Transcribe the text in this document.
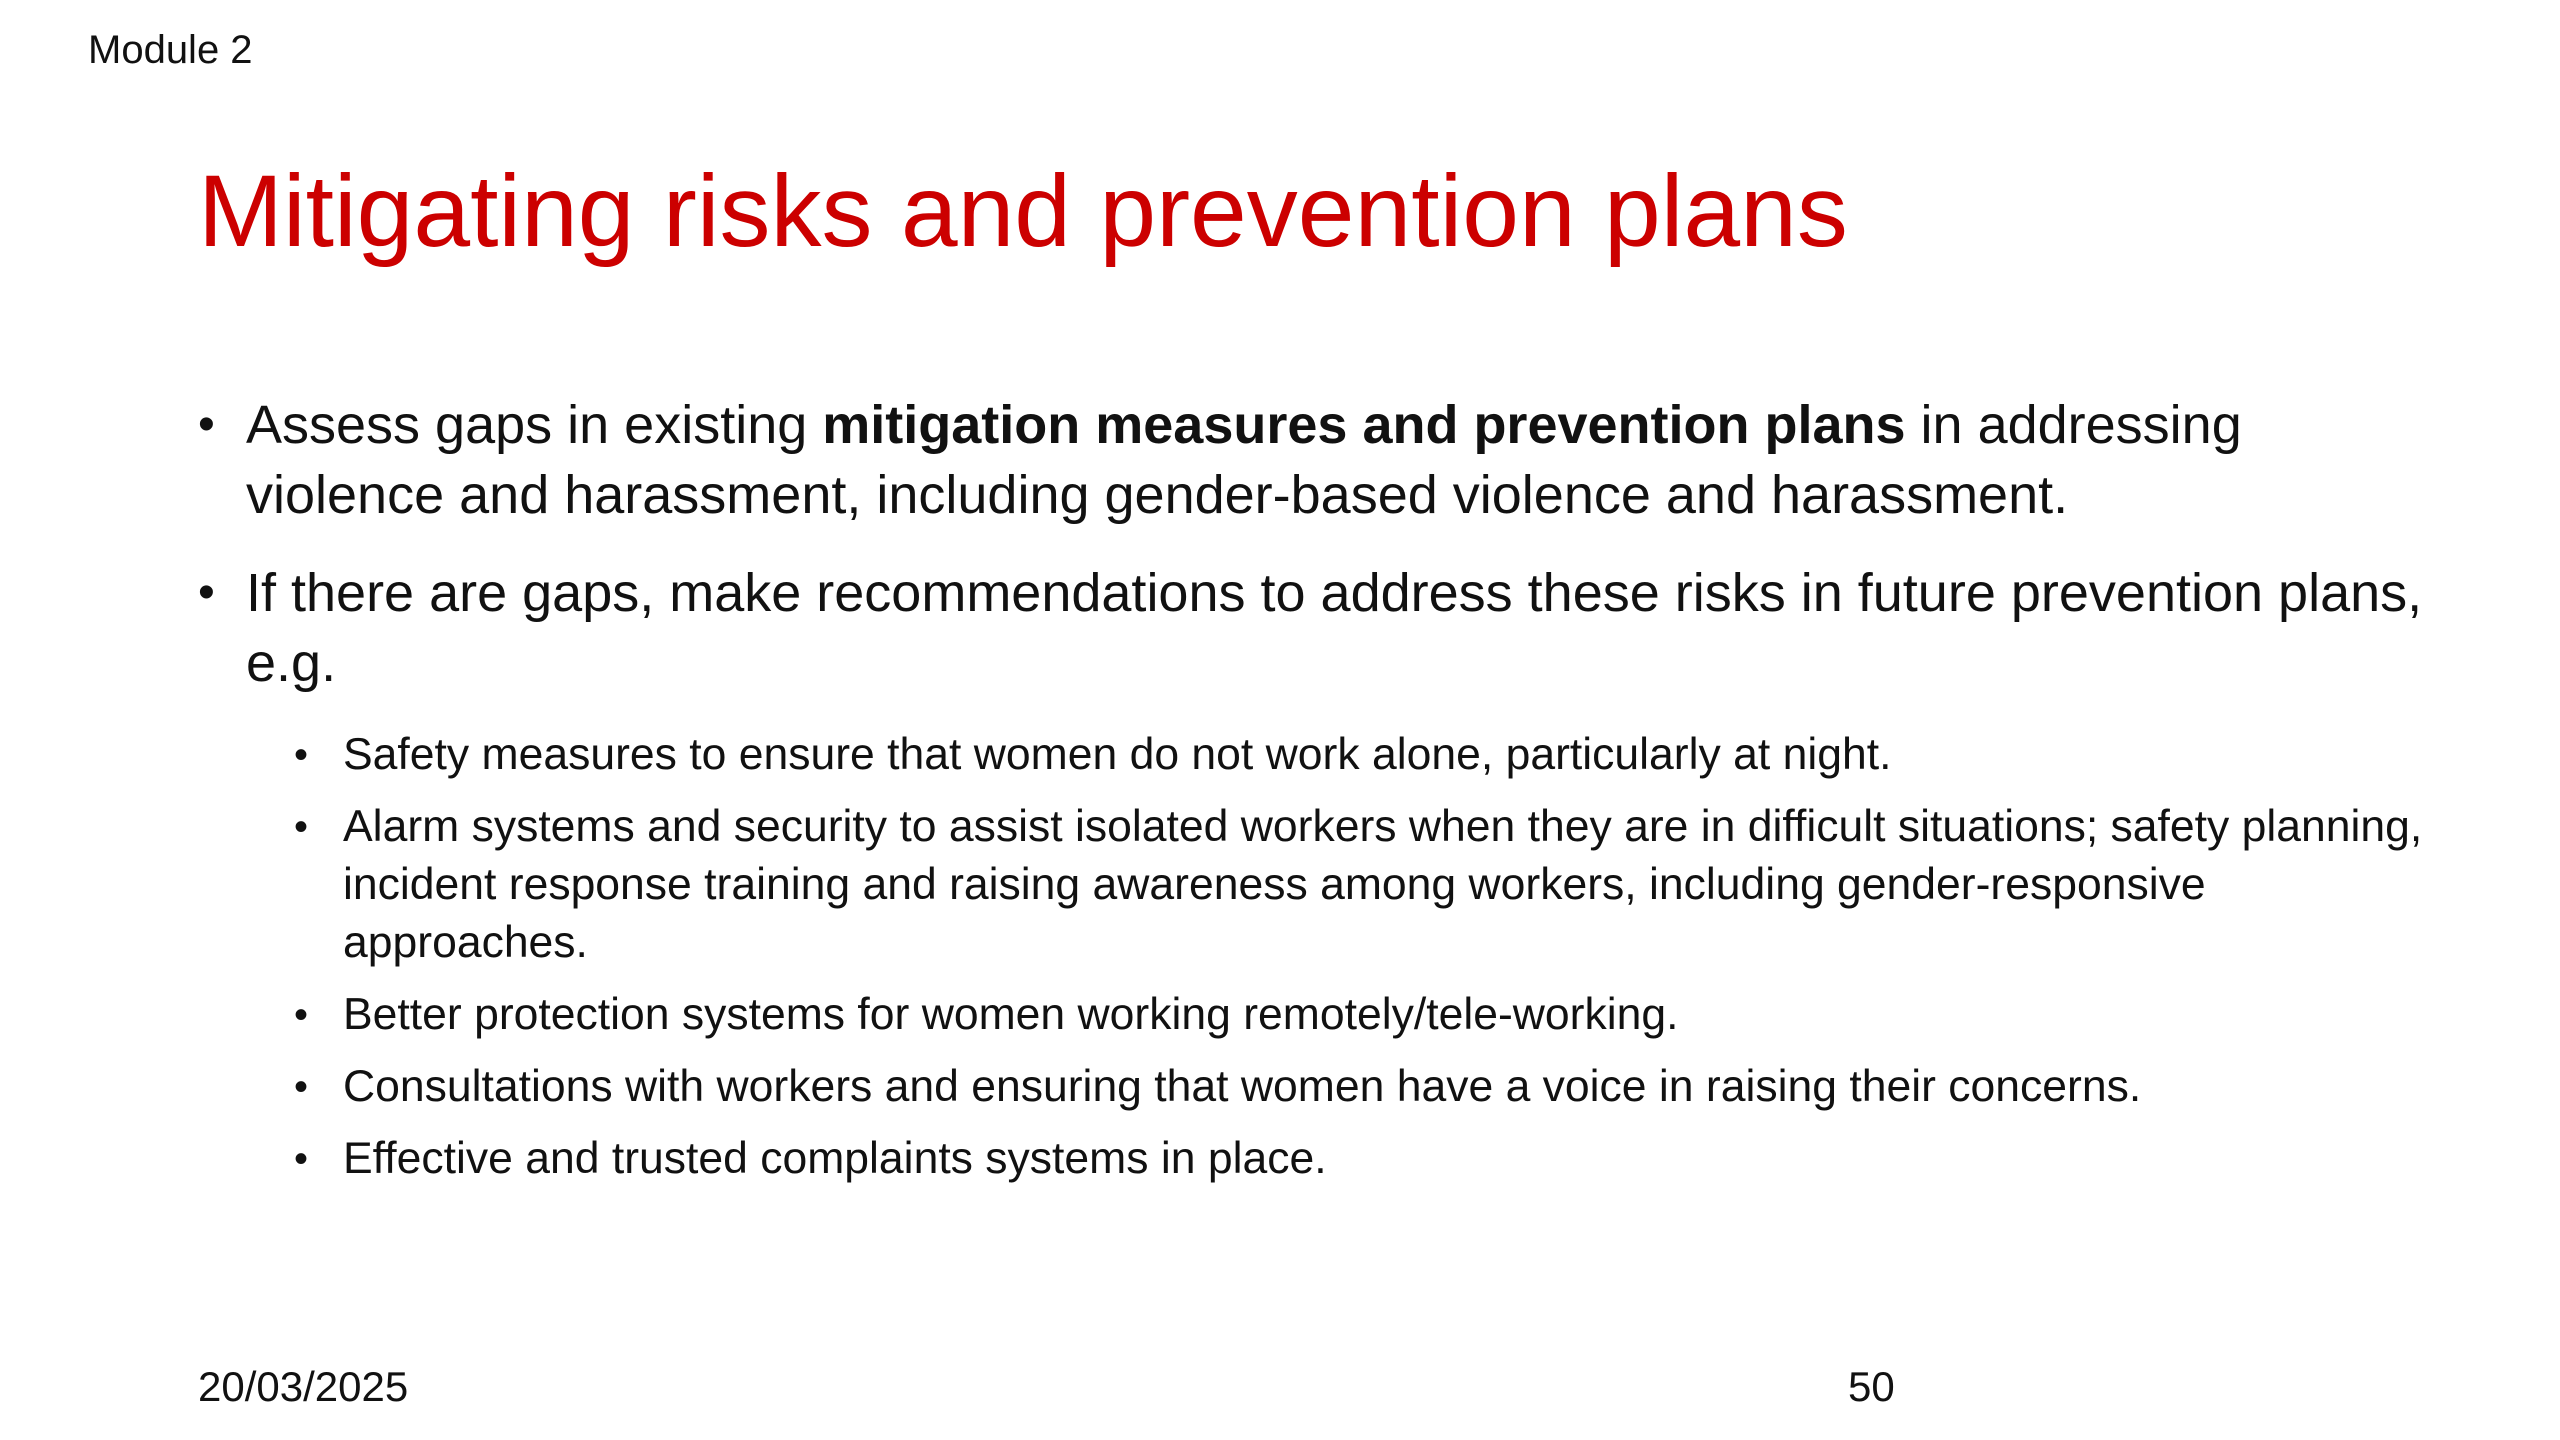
Module 2
Mitigating risks and prevention plans
• Assess gaps in existing mitigation measures and prevention plans in addressing violence and harassment, including gender-based violence and harassment.
• If there are gaps, make recommendations to address these risks in future prevention plans, e.g.
• Safety measures to ensure that women do not work alone, particularly at night.
• Alarm systems and security to assist isolated workers when they are in difficult situations; safety planning, incident response training and raising awareness among workers, including gender-responsive approaches.
• Better protection systems for women working remotely/tele-working.
• Consultations with workers and ensuring that women have a voice in raising their concerns.
• Effective and trusted complaints systems in place.
20/03/2025	50
